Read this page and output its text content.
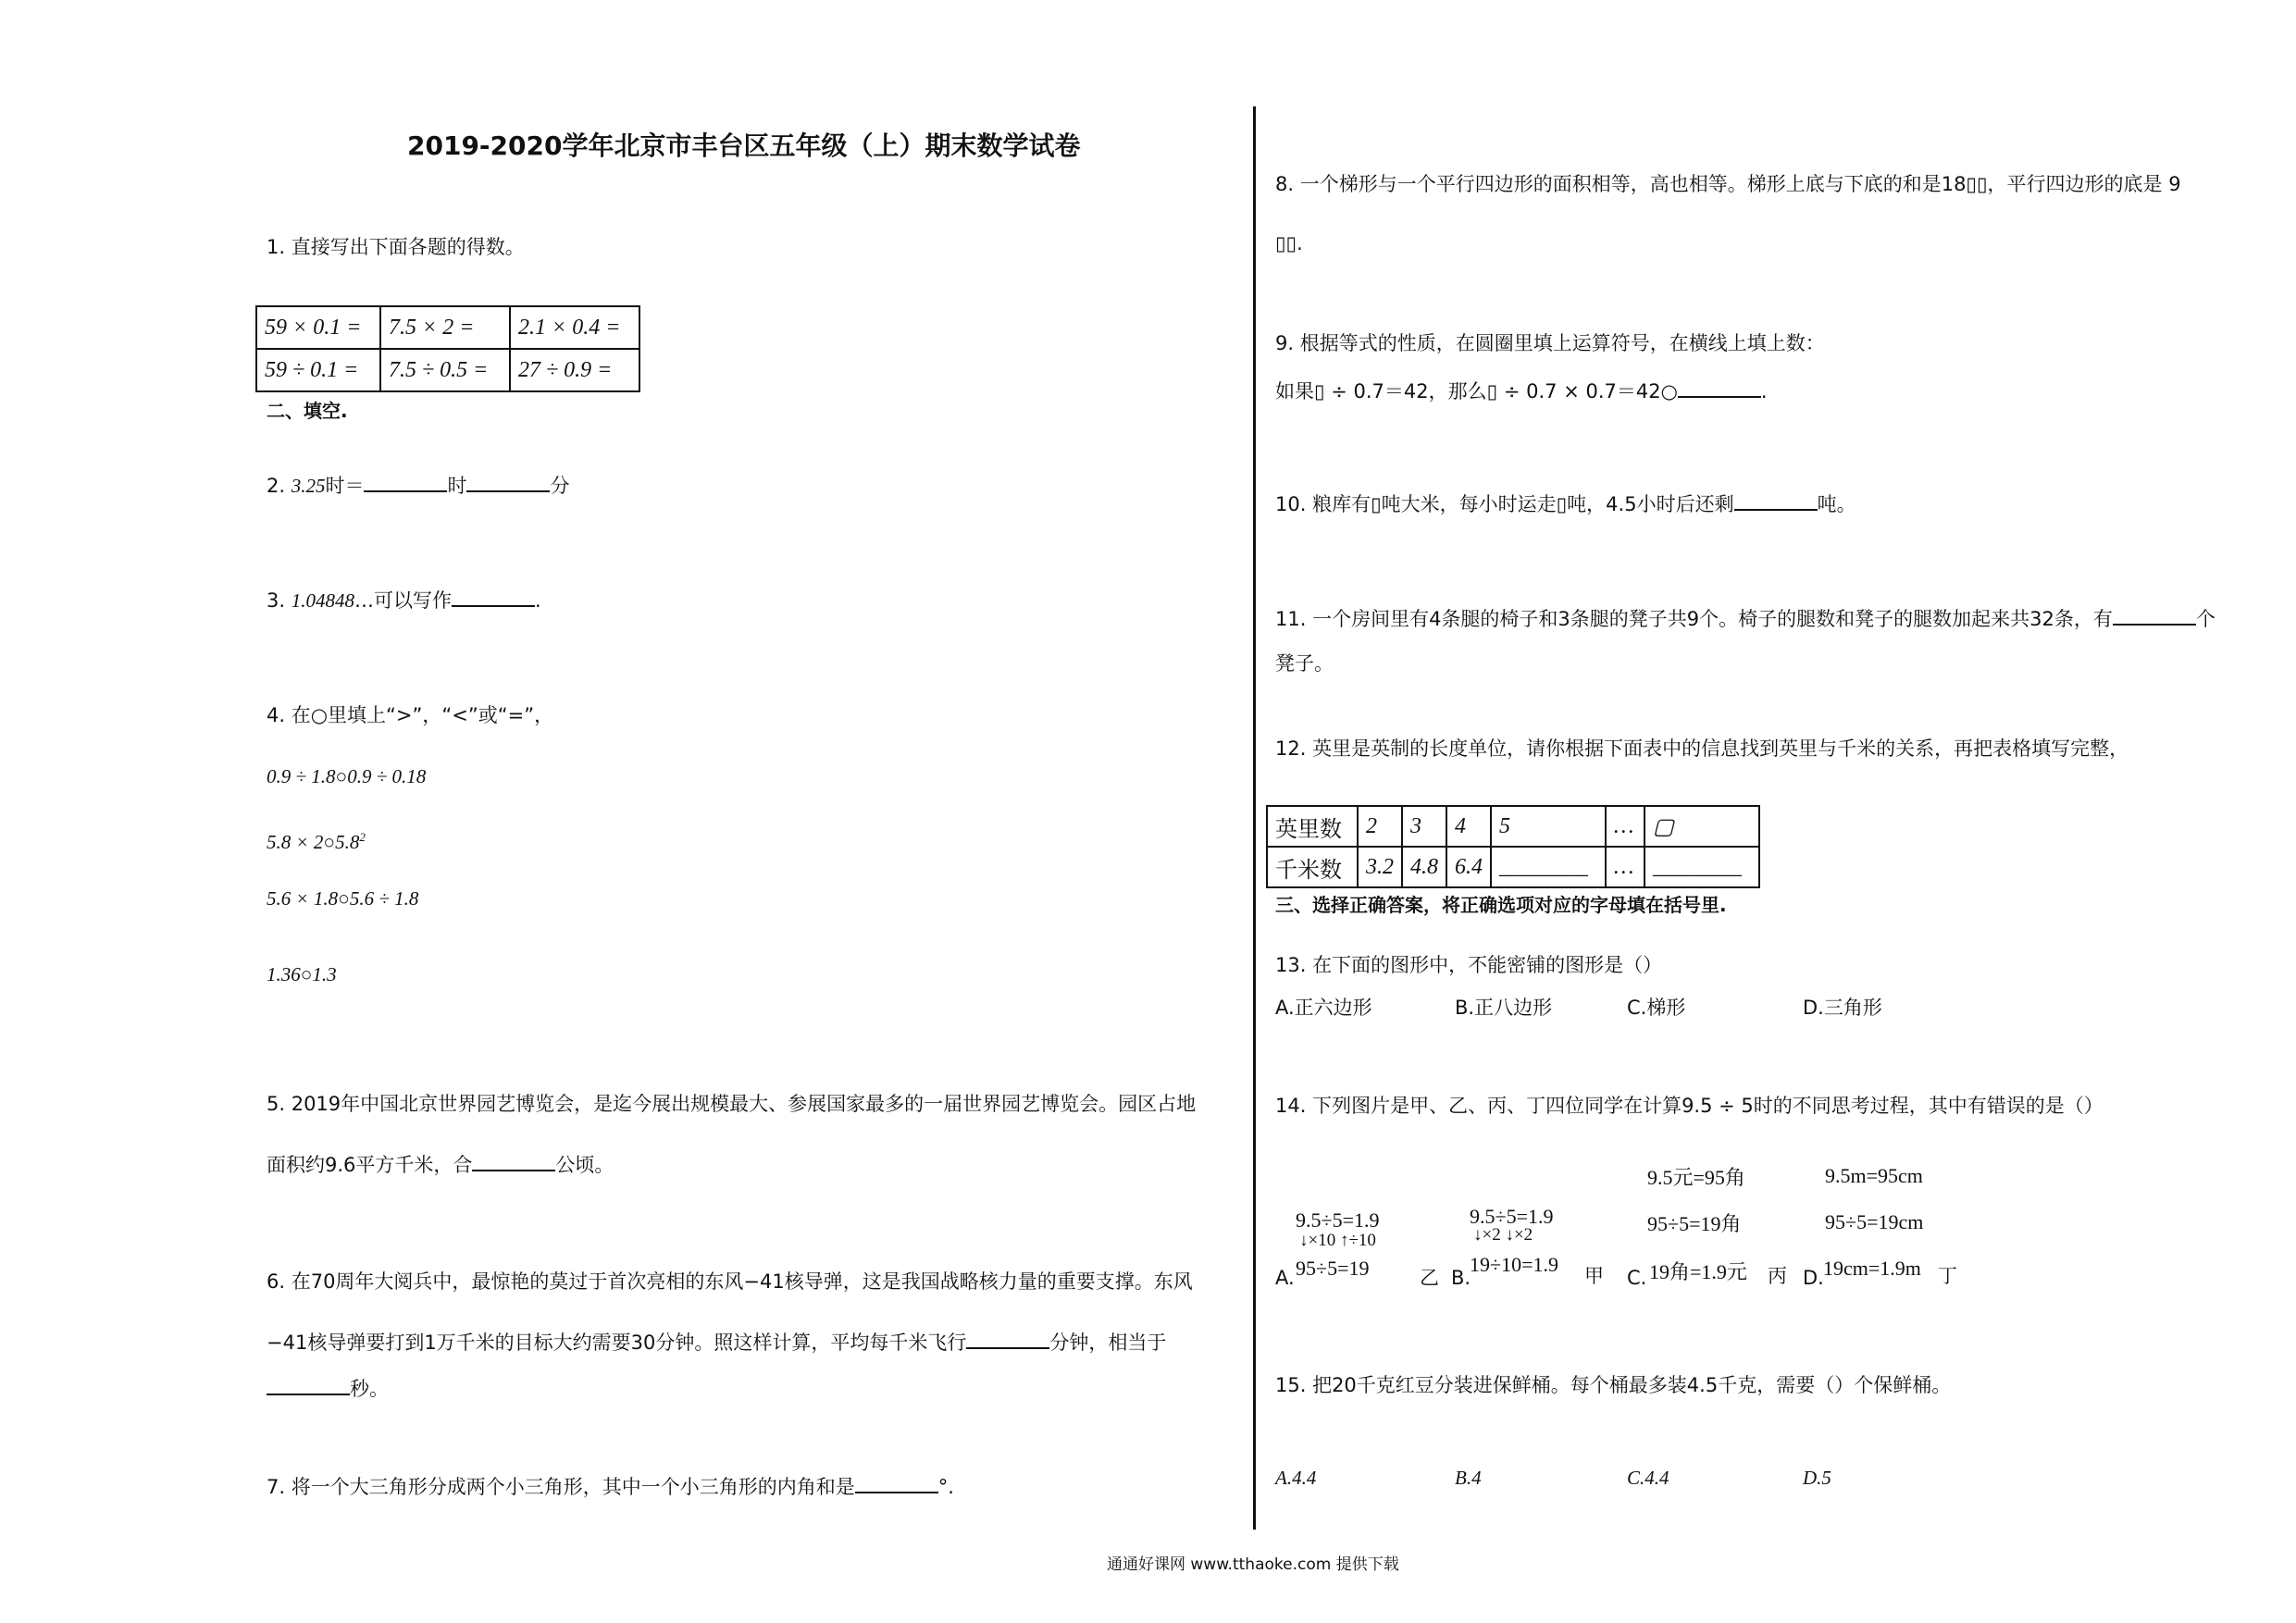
2019-2020学年北京市丰台区五年级（上）期末数学试卷
1. 直接写出下面各题的得数。
59 × 0.1 =	7.5 × 2 =	2.1 × 0.4 =
59 ÷ 0.1 =	7.5 ÷ 0.5 =	27 ÷ 0.9 =
二、填空.
2. 3.25时＝	时	分
3. 1.04848…可以写作	.
4. 在○里填上“>”，“<”或“=”，
0.9 ÷ 1.8○0.9 ÷ 0.18
$5.8 \times 2○5.8^2$
5.6 × 1.8○5.6 ÷ 1.8
1.36○1.3
5. 2019年中国北京世界园艺博览会，是迄今展出规模最大、参展国家最多的一届世界园艺博览会。园区占地
面积约9.6平方千米，合	公顷。
6. 在70周年大阅兵中，最惊艳的莫过于首次亮相的东风−41核导弹，这是我国战略核力量的重要支撑。东风
−41核导弹要打到1万千米的目标大约需要30分钟。照这样计算，平均每千米飞行	分钟，相当于
秒。
7. 将一个大三角形分成两个小三角形，其中一个小三角形的内角和是	°.
8. 一个梯形与一个平行四边形的面积相等，高也相等。梯形上底与下底的和是18▯▯，平行四边形的底是 9
▯▯.
9. 根据等式的性质，在圆圈里填上运算符号，在横线上填上数：
如果▯ ÷ 0.7＝42，那么▯ ÷ 0.7 × 0.7＝42○	.
10. 粮库有▯吨大米，每小时运走▯吨，4.5小时后还剩	吨。
11. 一个房间里有4条腿的椅子和3条腿的凳子共9个。椅子的腿数和凳子的腿数加起来共32条，有	个
凳子。
12. 英里是英制的长度单位，请你根据下面表中的信息找到英里与千米的关系，再把表格填写完整，
英里数	2	3	4	5	…	▢
千米数	3.2	4.8	6.4	________	…	________
三、选择正确答案，将正确选项对应的字母填在括号里.
13. 在下面的图形中，不能密铺的图形是（）
A.正六边形	B.正八边形	C.梯形	D.三角形
14. 下列图片是甲、乙、丙、丁四位同学在计算9.5 ÷ 5时的不同思考过程，其中有错误的是（）
9.5÷5=1.9
↓×10 ↑÷10
A. 95÷5=19	乙
9.5÷5=1.9
↓×2 ↓×2
B.
19÷10=1.9 甲
9.5元=95角
95÷5=19角
C. 19角=1.9元 丙
9.5m=95cm
95÷5=19cm
D. 19cm=1.9m 丁
15. 把20千克红豆分装进保鲜桶。每个桶最多装4.5千克，需要（）个保鲜桶。
A.4.4	B.4	C.4.4	D.5
通通好课网 www.tthaoke.com 提供下载
